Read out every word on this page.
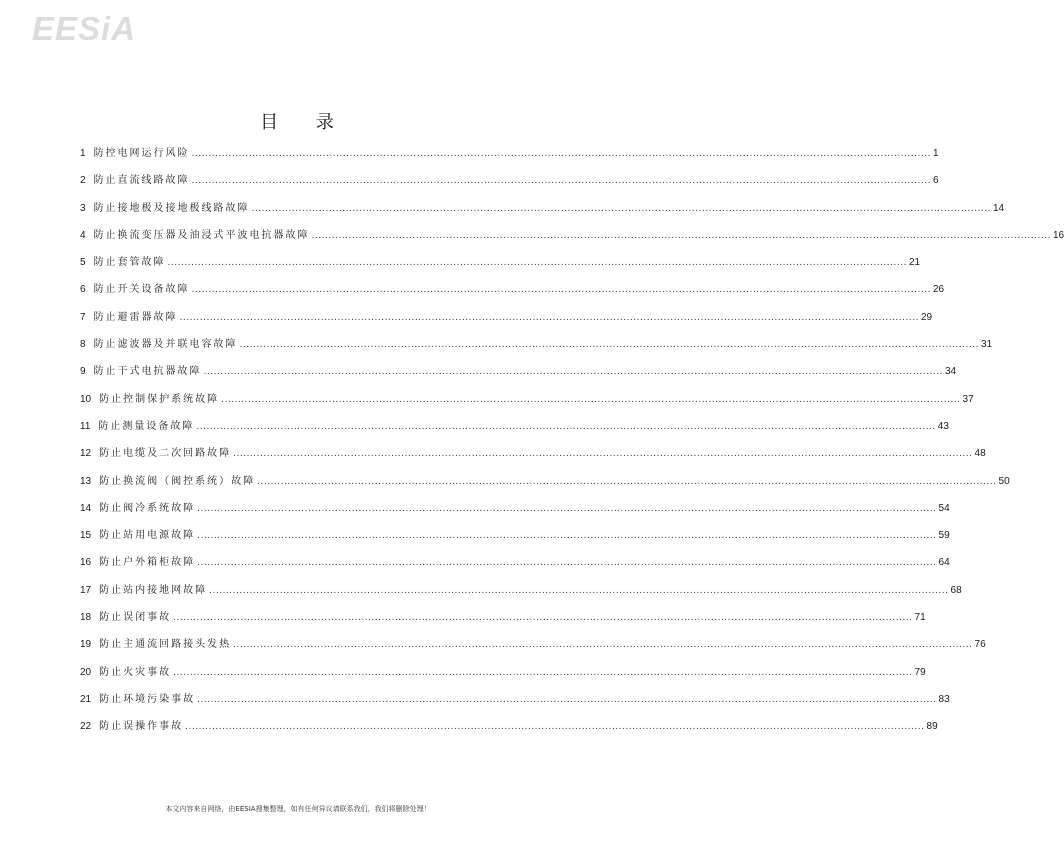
EESiA
目 录
1 防控电网运行风险 ............................................................................................................................................................................................................................ 1
2 防止直流线路故障 ............................................................................................................................................................................................................................ 6
3 防止接地极及接地极线路故障 ............................................................................................................................................................................................................................ 14
4 防止换流变压器及油浸式平波电抗器故障 ............................................................................................................................................................................................................................ 16
5 防止套管故障 ............................................................................................................................................................................................................................ 21
6 防止开关设备故障 ............................................................................................................................................................................................................................ 26
7 防止避雷器故障 ............................................................................................................................................................................................................................ 29
8 防止滤波器及并联电容故障 ............................................................................................................................................................................................................................ 31
9 防止干式电抗器故障 ............................................................................................................................................................................................................................ 34
10 防止控制保护系统故障 ............................................................................................................................................................................................................................ 37
11 防止测量设备故障 ............................................................................................................................................................................................................................ 43
12 防止电缆及二次回路故障 ............................................................................................................................................................................................................................ 48
13 防止换流阀（阀控系统）故障 ............................................................................................................................................................................................................................ 50
14 防止阀冷系统故障 ............................................................................................................................................................................................................................ 54
15 防止站用电源故障 ............................................................................................................................................................................................................................ 59
16 防止户外箱柜故障 ............................................................................................................................................................................................................................ 64
17 防止站内接地网故障 ............................................................................................................................................................................................................................ 68
18 防止误闭事故 ............................................................................................................................................................................................................................ 71
19 防止主通流回路接头发热 ............................................................................................................................................................................................................................ 76
20 防止火灾事故 ............................................................................................................................................................................................................................ 79
21 防止环境污染事故 ............................................................................................................................................................................................................................ 83
22 防止误操作事故 ............................................................................................................................................................................................................................ 89
本文内容来自网络，由EESIA搜集整理，如有任何异议请联系我们，我们将删除处理！
